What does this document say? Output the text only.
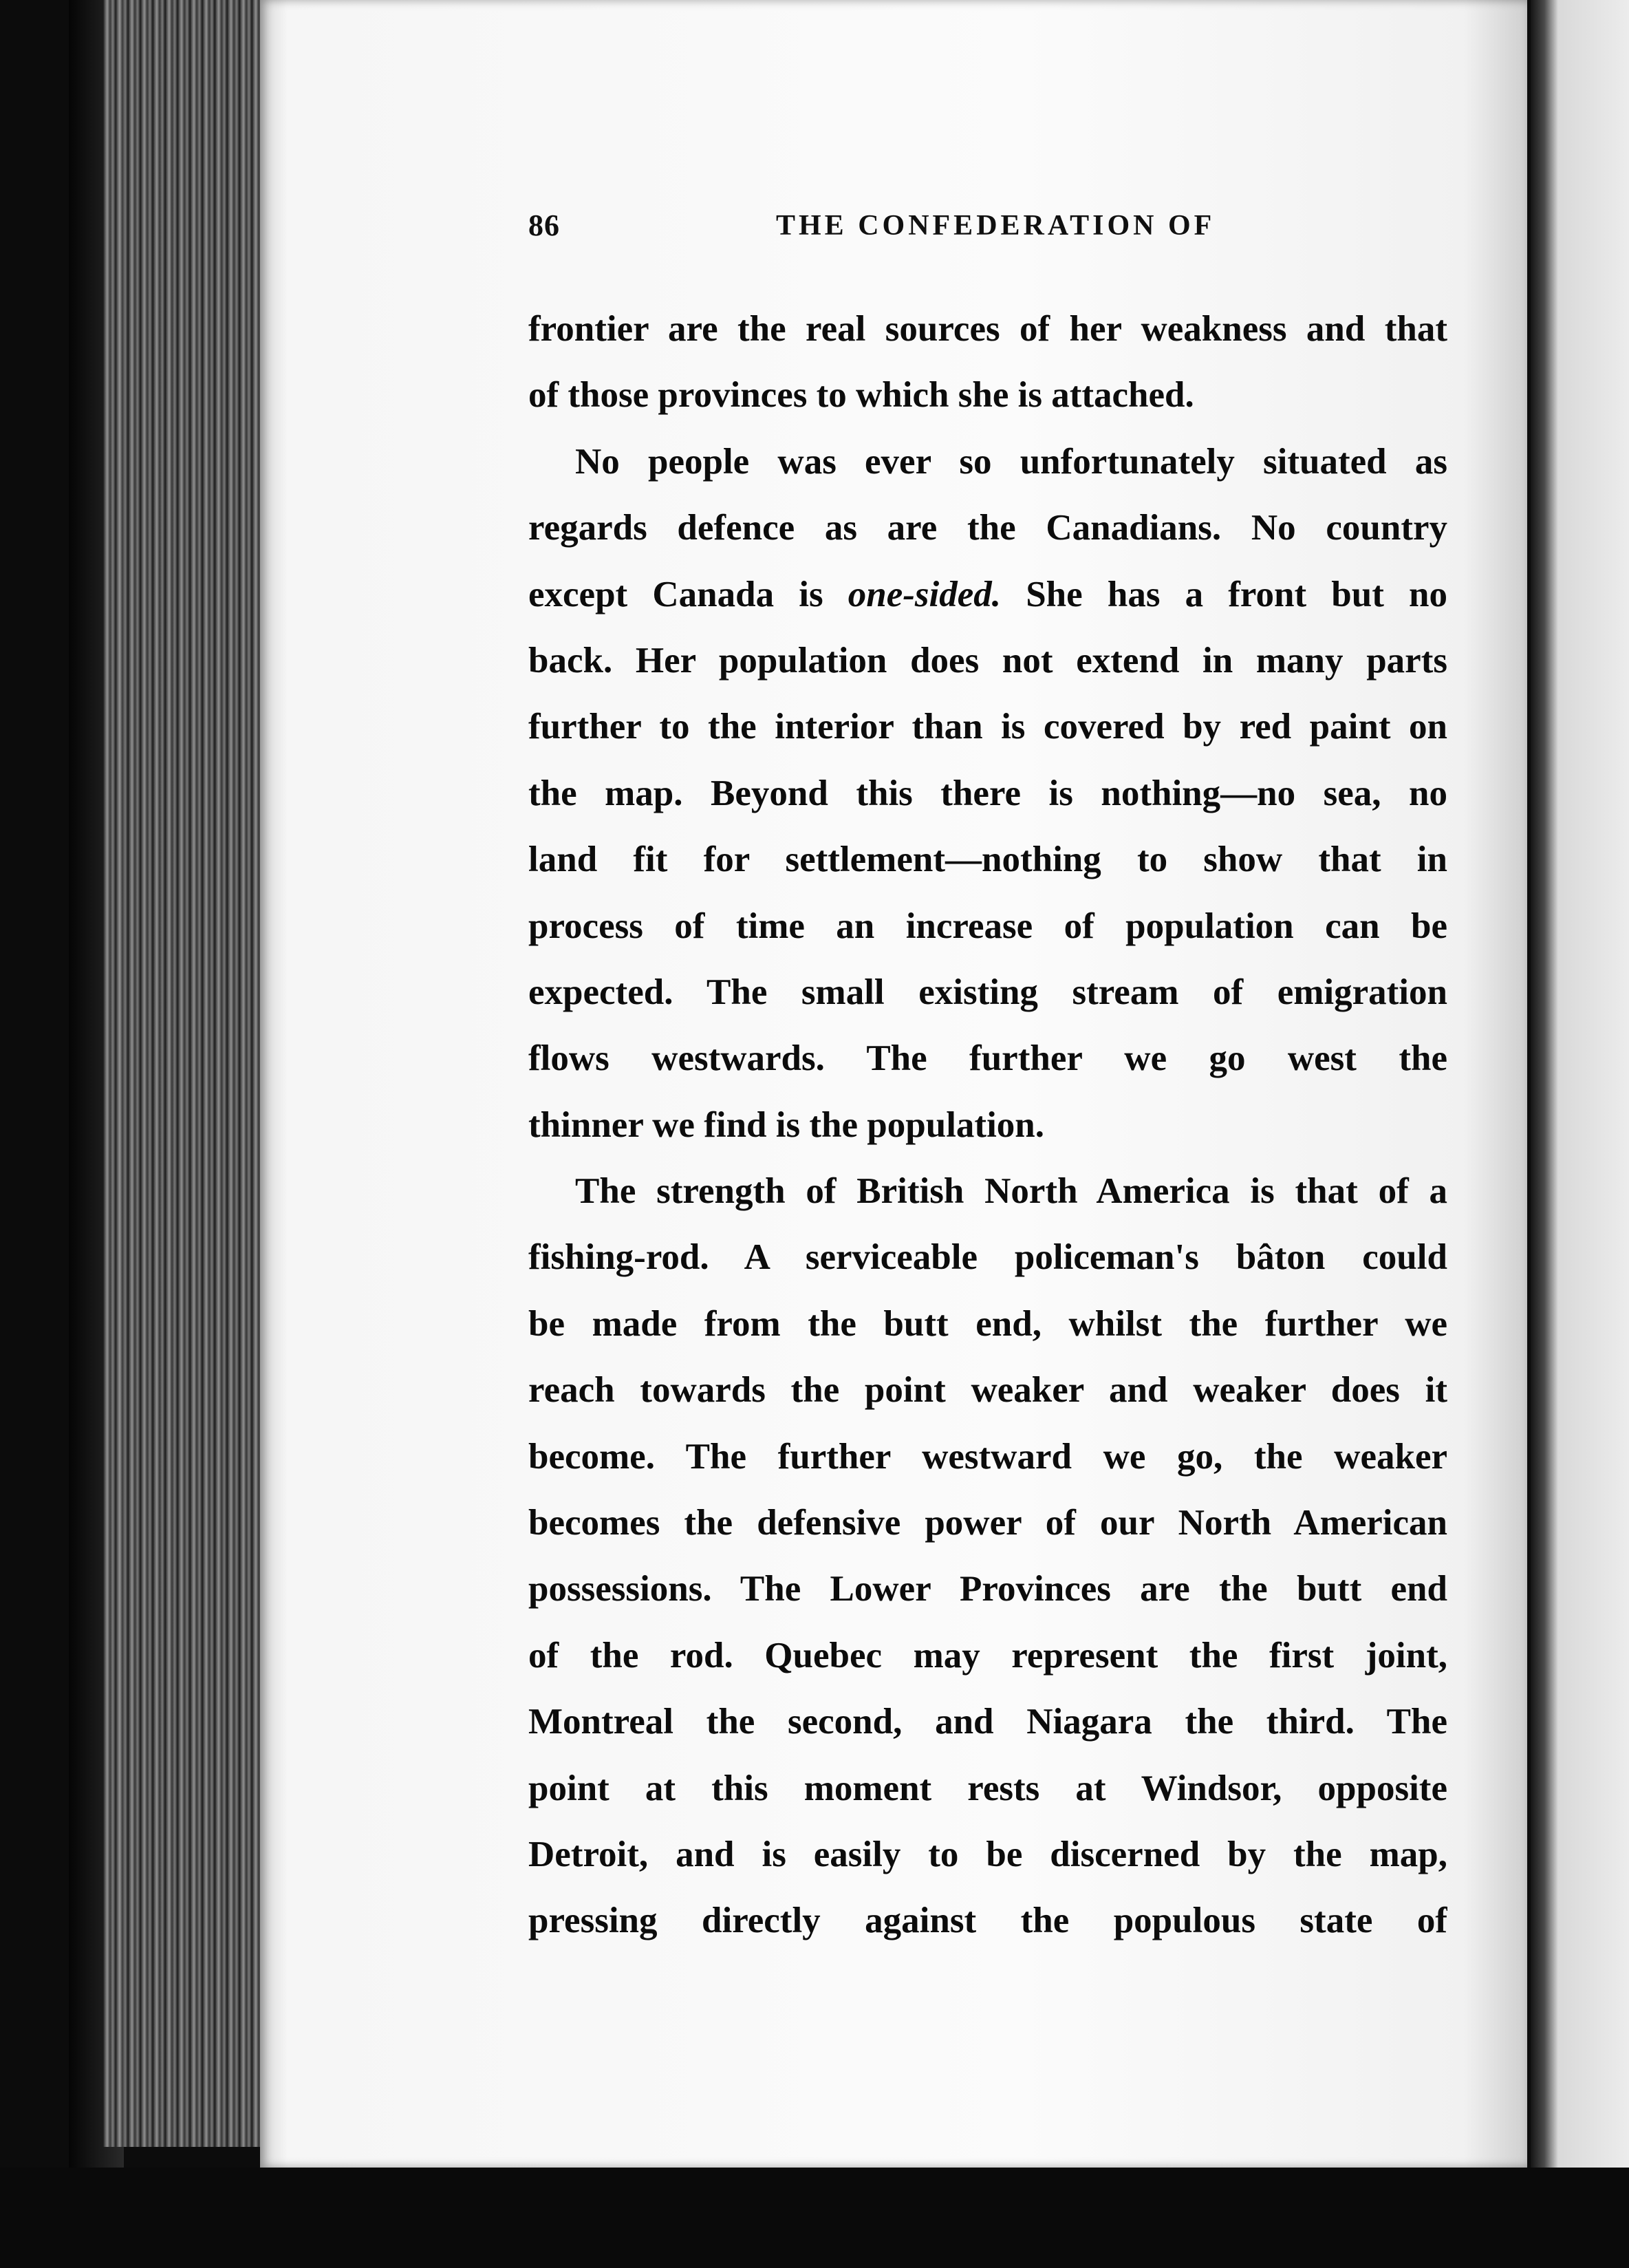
86	THE CONFEDERATION OF
frontier are the real sources of her weakness and that
of those provinces to which she is attached.
No people was ever so unfortunately situated as
regards defence as are the Canadians. No country
except Canada is one-sided. She has a front but no
back. Her population does not extend in many parts
further to the interior than is covered by red paint on
the map. Beyond this there is nothing—no sea, no
land fit for settlement—nothing to show that in
process of time an increase of population can be
expected. The small existing stream of emigration
flows westwards. The further we go west the
thinner we find is the population.
The strength of British North America is that of a
fishing-rod. A serviceable policeman's bâton could
be made from the butt end, whilst the further we
reach towards the point weaker and weaker does it
become. The further westward we go, the weaker
becomes the defensive power of our North American
possessions. The Lower Provinces are the butt end
of the rod. Quebec may represent the first joint,
Montreal the second, and Niagara the third. The
point at this moment rests at Windsor, opposite
Detroit, and is easily to be discerned by the map,
pressing directly against the populous state of
